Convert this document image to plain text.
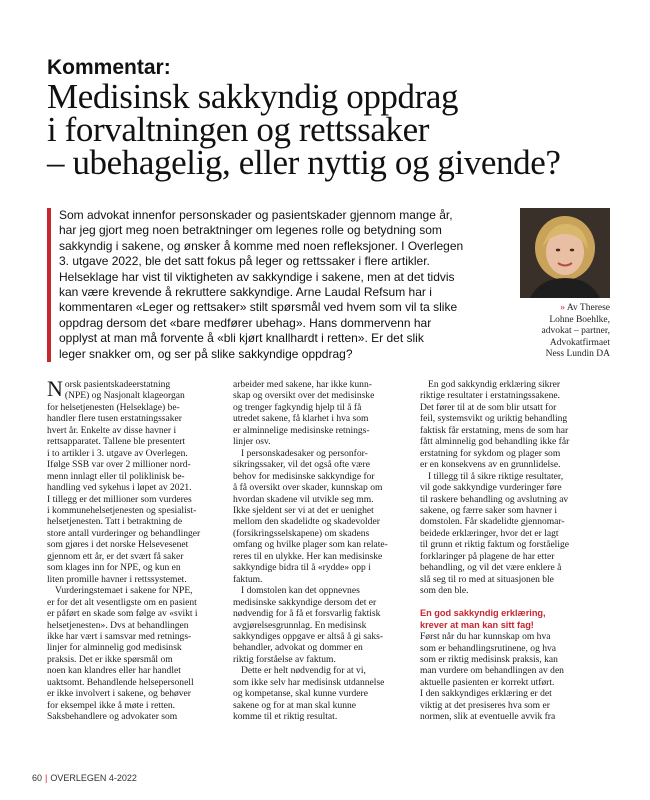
Kommentar:
Medisinsk sakkyndig oppdrag
i forvaltningen og rettssaker
– ubehagelig, eller nyttig og givende?
Som advokat innenfor personskader og pasientskader gjennom mange år,
har jeg gjort meg noen betraktninger om legenes rolle og betydning som
sakkyndig i sakene, og ønsker å komme med noen refleksjoner. I Overlegen
3. utgave 2022, ble det satt fokus på leger og rettssaker i flere artikler.
Helseklage har vist til viktigheten av sakkyndige i sakene, men at det tidvis
kan være krevende å rekruttere sakkyndige. Arne Laudal Refsum har i
kommentaren «Leger og rettsaker» stilt spørsmål ved hvem som vil ta slike
oppdrag dersom det «bare medfører ubehag». Hans dommervenn har
opplyst at man må forvente å «bli kjørt knallhardt i retten». Er det slik
leger snakker om, og ser på slike sakkyndige oppdrag?
» Av Therese
Lohne Boehlke,
advokat – partner,
Advokatfirmaet
Ness Lundin DA
Norsk pasientskadeerstatning
(NPE) og Nasjonalt klageorgan
for helsetjenesten (Helseklage) be-
handler flere tusen erstatningssaker
hvert år. Enkelte av disse havner i
rettsapparatet. Tallene ble presentert
i to artikler i 3. utgave av Overlegen.
Ifølge SSB var over 2 millioner nord-
menn innlagt eller til poliklinisk be-
handling ved sykehus i løpet av 2021.
I tillegg er det millioner som vurderes
i kommunehelsetjenesten og spesialist-
helsetjenesten. Tatt i betraktning de
store antall vurderinger og behandlinger
som gjøres i det norske Helsevesenet
gjennom ett år, er det svært få saker
som klages inn for NPE, og kun en
liten promille havner i rettssystemet.
Vurderingstemaet i sakene for NPE,
er for det alt vesentligste om en pasient
er påført en skade som følge av «svikt i
helsetjenesten». Dvs at behandlingen
ikke har vært i samsvar med retnings-
linjer for alminnelig god medisinsk
praksis. Det er ikke spørsmål om
noen kan klandres eller har handlet
uaktsomt. Behandlende helsepersonell
er ikke involvert i sakene, og behøver
for eksempel ikke å møte i retten.
Saksbehandlere og advokater som
arbeider med sakene, har ikke kunn-
skap og oversikt over det medisinske
og trenger fagkyndig hjelp til å få
utredet sakene, få klarhet i hva som
er alminnelige medisinske retnings-
linjer osv.
I personskadesaker og personfor-
sikringssaker, vil det også ofte være
behov for medisinske sakkyndige for
å få oversikt over skader, kunnskap om
hvordan skadene vil utvikle seg mm.
Ikke sjeldent ser vi at det er uenighet
mellom den skadelidte og skadevolder
(forsikringsselskapene) om skadens
omfang og hvilke plager som kan relate-
reres til en ulykke. Her kan medisinske
sakkyndige bidra til å «rydde» opp i
faktum.
I domstolen kan det oppnevnes
medisinske sakkyndige dersom det er
nødvendig for å få et forsvarlig faktisk
avgjørelsesgrunnlag. En medisinsk
sakkyndiges oppgave er altså å gi saks-
behandler, advokat og dommer en
riktig forståelse av faktum.
Dette er helt nødvendig for at vi,
som ikke selv har medisinsk utdannelse
og kompetanse, skal kunne vurdere
sakene og for at man skal kunne
komme til et riktig resultat.
En god sakkyndig erklæring sikrer
riktige resultater i erstatningssakene.
Det fører til at de som blir utsatt for
feil, systemsvikt og uriktig behandling
faktisk får erstatning, mens de som har
fått alminnelig god behandling ikke får
erstatning for sykdom og plager som
er en konsekvens av en grunnlidelse.
I tillegg til å sikre riktige resultater,
vil gode sakkyndige vurderinger føre
til raskere behandling og avslutning av
sakene, og færre saker som havner i
domstolen. Får skadelidte gjennomar-
beidede erklæringer, hvor det er lagt
til grunn et riktig faktum og forståelige
forklaringer på plagene de har etter
behandling, og vil det være enklere å
slå seg til ro med at situasjonen ble
som den ble.
En god sakkyndig erklæring,
krever at man kan sitt fag!
Først når du har kunnskap om hva
som er behandlingsrutinene, og hva
som er riktig medisinsk praksis, kan
man vurdere om behandlingen av den
aktuelle pasienten er korrekt utført.
I den sakkyndiges erklæring er det
viktig at det presiseres hva som er
normen, slik at eventuelle avvik fra
60 | OVERLEGEN 4-2022
